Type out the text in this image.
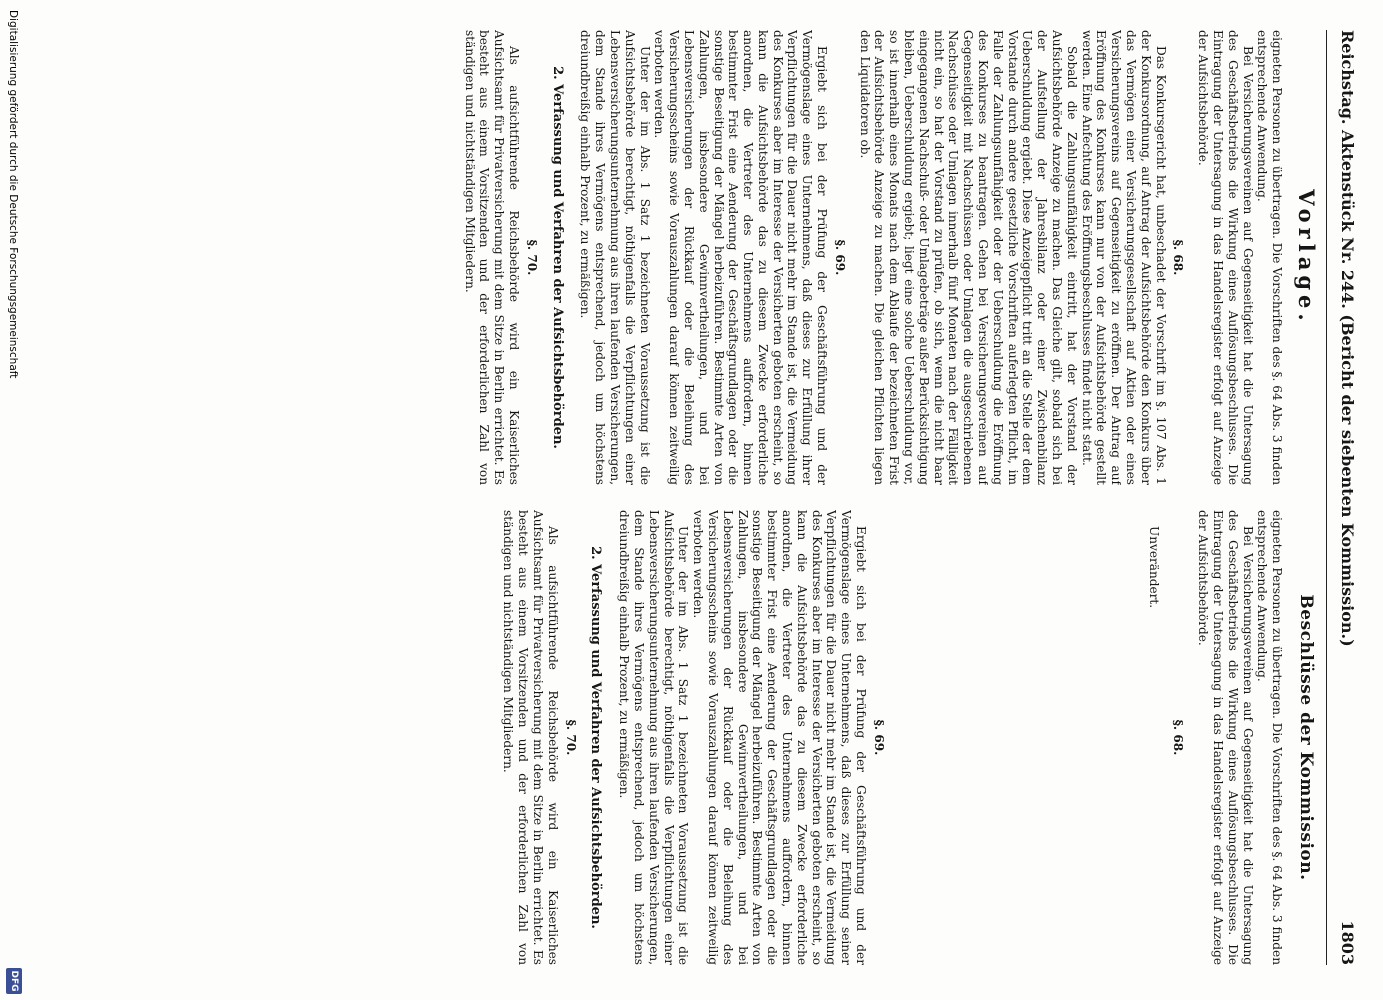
Reichstag. Aktenstück Nr. 244. (Bericht der siebenten Kommission.)
1803
Vorlage.

eigneten Personen zu übertragen. Die Vorschriften des §. 64 Abs. 3 finden entsprechende Anwendung.

Bei Versicherungsvereinen auf Gegenseitigkeit hat die Untersagung des Geschäftsbetriebs die Wirkung eines Auflösungsbeschlusses. Die Eintragung der Untersagung in das Handelsregister erfolgt auf Anzeige der Aufsichtsbehörde.

§. 68.

Das Konkursgericht hat, unbeschadet der Vorschrift im §. 107 Abs. 1 der Konkursordnung, auf Antrag der Aufsichtsbehörde den Konkurs über das Vermögen einer Versicherungsgesellschaft auf Aktien oder eines Versicherungsvereins auf Gegenseitigkeit zu eröffnen. Der Antrag auf Eröffnung des Konkurses kann nur von der Aufsichtsbehörde gestellt werden. Eine Anfechtung des Eröffnungsbeschlusses findet nicht statt.

Sobald die Zahlungsunfähigkeit eintritt, hat der Vorstand der Aufsichtsbehörde Anzeige zu machen. Das Gleiche gilt, sobald sich bei der Aufstellung der Jahresbilanz oder einer Zwischenbilanz Ueberschuldung ergiebt. Diese Anzeigepflicht tritt an die Stelle der dem Vorstande durch andere gesetzliche Vorschriften auferlegten Pflicht, im Falle der Zahlungsunfähigkeit oder der Ueberschuldung die Eröffnung des Konkurses zu beantragen. Gehen bei Versicherungsvereinen auf Gegenseitigkeit mit Nachschüssen oder Umlagen die ausgeschriebenen Nachschüsse oder Umlagen innerhalb fünf Monaten nach der Fälligkeit nicht ein, so hat der Vorstand zu prüfen, ob sich, wenn die nicht baar eingegangenen Nachschuß- oder Umlagebeträge außer Berücksichtigung bleiben, Ueberschuldung ergiebt; liegt eine solche Ueberschuldung vor, so ist innerhalb eines Monats nach dem Ablaufe der bezeichneten Frist der Aufsichtsbehörde Anzeige zu machen. Die gleichen Pflichten liegen den Liquidatoren ob.

§. 69.

Ergiebt sich bei der Prüfung der Geschäftsführung und der Vermögenslage eines Unternehmens, daß dieses zur Erfüllung ihrer Verpflichtungen für die Dauer nicht mehr im Stande ist, die Vermeidung des Konkurses aber im Interesse der Versicherten geboten erscheint, so kann die Aufsichtsbehörde das zu diesem Zwecke erforderliche anordnen, die Vertreter des Unternehmens auffordern, binnen bestimmter Frist eine Aenderung der Geschäftsgrundlagen oder die sonstige Beseitigung der Mängel herbeizuführen. Bestimmte Arten von Zahlungen, insbesondere Gewinnvertheilungen, und bei Lebensversicherungen der Rückkauf oder die Beleihung des Versicherungsscheins sowie Vorauszahlungen darauf können zeitweilig verboten werden.

Unter der im Abs. 1 Satz 1 bezeichneten Voraussetzung ist die Aufsichtsbehörde berechtigt, nöthigenfalls die Verpflichtungen einer Lebensversicherungsunternehmung aus ihren laufenden Versicherungen, dem Stande ihres Vermögens entsprechend, jedoch um höchstens dreiundbreißig einhalb Prozent, zu ermäßigen.

2. Verfassung und Verfahren der Aufsichtsbehörden.
§. 70.

Als aufsichtführende Reichsbehörde wird ein Kaiserliches Aufsichtsamt für Privatversicherung mit dem Sitze in Berlin errichtet. Es besteht aus einem Vorsitzenden und der erforderlichen Zahl von ständigen und nichtständigen Mitgliedern.

Beschlüsse der Kommission.

eigneten Personen zu übertragen. Die Vorschriften des §. 64 Abs. 3 finden entsprechende Anwendung.

Bei Versicherungsvereinen auf Gegenseitigkeit hat die Untersagung des Geschäftsbetriebs die Wirkung eines Auflösungsbeschlusses. Die Eintragung der Untersagung in das Handelsregister erfolgt auf Anzeige der Aufsichtsbehörde.

§. 68.

Unverändert.

§. 69.

Ergiebt sich bei der Prüfung der Geschäftsführung und der Vermögenslage eines Unternehmens, daß dieses zur Erfüllung seiner Verpflichtungen für die Dauer nicht mehr im Stande ist, die Vermeidung des Konkurses aber im Interesse der Versicherten geboten erscheint, so kann die Aufsichtsbehörde das zu diesem Zwecke erforderliche anordnen, die Vertreter des Unternehmens auffordern, binnen bestimmter Frist eine Aenderung der Geschäftsgrundlagen oder die sonstige Beseitigung der Mängel herbeizuführen. Bestimmte Arten von Zahlungen, insbesondere Gewinnvertheilungen, und bei Lebensversicherungen der Rückkauf oder die Beleihung des Versicherungsscheins sowie Vorauszahlungen darauf können zeitweilig verboten werden.

Unter der im Abs. 1 Satz 1 bezeichneten Voraussetzung ist die Aufsichtsbehörde berechtigt, nöthigenfalls die Verpflichtungen einer Lebensversicherungsunternehmung aus ihren laufenden Versicherungen, dem Stande ihres Vermögens entsprechend, jedoch um höchstens dreiundbreißig einhalb Prozent, zu ermäßigen.

2. Verfassung und Verfahren der Aufsichtsbehörden.
§. 70.

Als aufsichtführende Reichsbehörde wird ein Kaiserliches Aufsichtsamt für Privatversicherung mit dem Sitze in Berlin errichtet. Es besteht aus einem Vorsitzenden und der erforderlichen Zahl von ständigen und nichtständigen Mitgliedern.

Digitalisierung gefördert durch die Deutsche Forschungsgemeinschaft
DFG
